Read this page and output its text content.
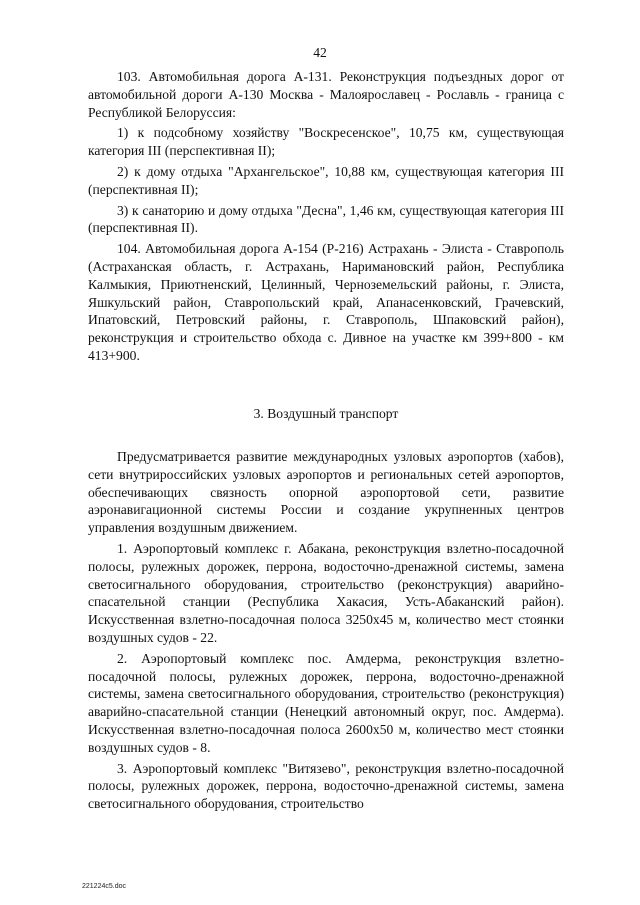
42

103. Автомобильная дорога А-131. Реконструкция подъездных дорог от автомобильной дороги А-130 Москва - Малоярославец - Рославль - граница с Республикой Белоруссия:

1) к подсобному хозяйству "Воскресенское", 10,75 км, существующая категория III (перспективная II);

2) к дому отдыха "Архангельское", 10,88 км, существующая категория III (перспективная II);

3) к санаторию и дому отдыха "Десна", 1,46 км, существующая категория III (перспективная II).

104. Автомобильная дорога А-154 (Р-216) Астрахань - Элиста - Ставрополь (Астраханская область, г. Астрахань, Наримановский район, Республика Калмыкия, Приютненский, Целинный, Черноземельский районы, г. Элиста, Яшкульский район, Ставропольский край, Апанасенковский, Грачевский, Ипатовский, Петровский районы, г. Ставрополь, Шпаковский район), реконструкция и строительство обхода с. Дивное на участке км 399+800 - км 413+900.

3. Воздушный транспорт

Предусматривается развитие международных узловых аэропортов (хабов), сети внутрироссийских узловых аэропортов и региональных сетей аэропортов, обеспечивающих связность опорной аэропортовой сети, развитие аэронавигационной системы России и создание укрупненных центров управления воздушным движением.

1. Аэропортовый комплекс г. Абакана, реконструкция взлетно-посадочной полосы, рулежных дорожек, перрона, водосточно-дренажной системы, замена светосигнального оборудования, строительство (реконструкция) аварийно-спасательной станции (Республика Хакасия, Усть-Абаканский район). Искусственная взлетно-посадочная полоса 3250x45 м, количество мест стоянки воздушных судов - 22.

2. Аэропортовый комплекс пос. Амдерма, реконструкция взлетно-посадочной полосы, рулежных дорожек, перрона, водосточно-дренажной системы, замена светосигнального оборудования, строительство (реконструкция) аварийно-спасательной станции (Ненецкий автономный округ, пос. Амдерма). Искусственная взлетно-посадочная полоса 2600x50 м, количество мест стоянки воздушных судов - 8.

3. Аэропортовый комплекс "Витязево", реконструкция взлетно-посадочной полосы, рулежных дорожек, перрона, водосточно-дренажной системы, замена светосигнального оборудования, строительство

221224c5.doc
